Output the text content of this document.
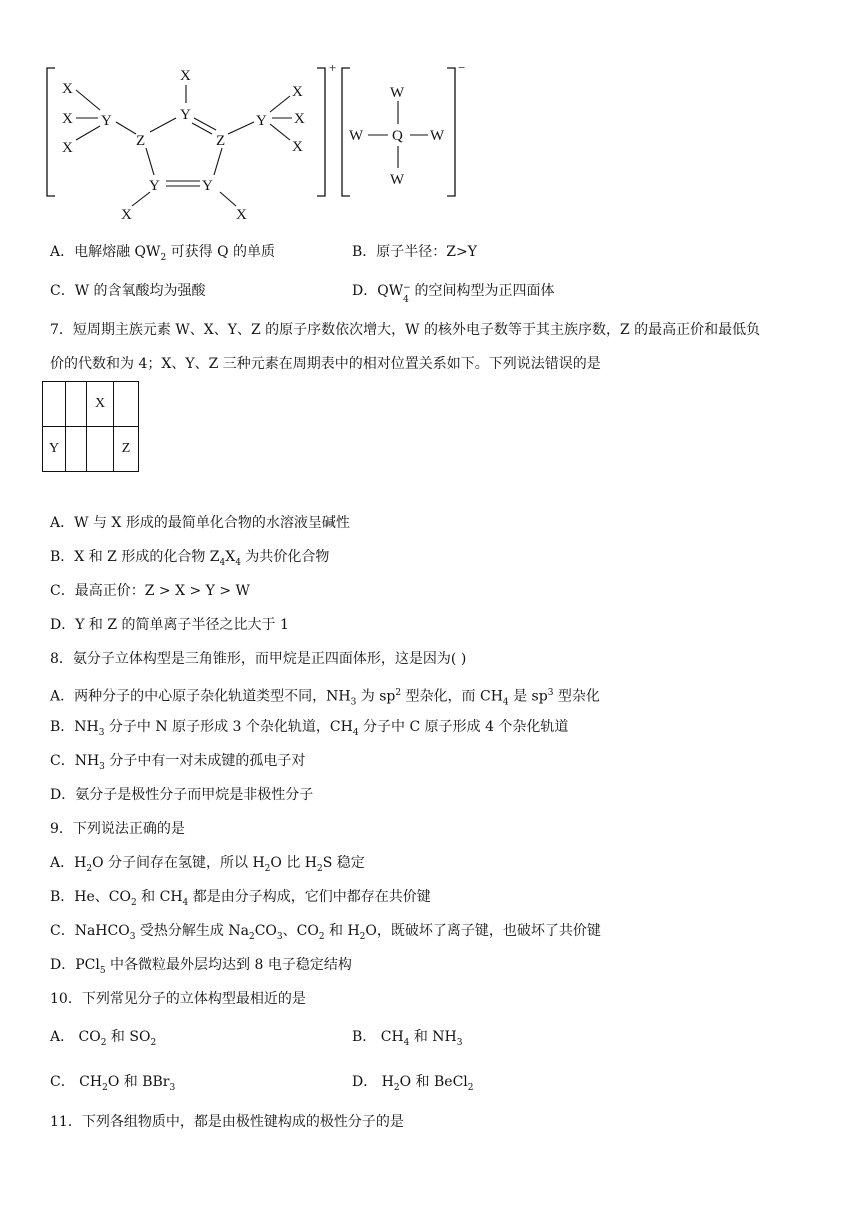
+	−
X
X
X
Y
X
Y
Z	Z
Y
X
X
X
Y	Y
X	X
W
W Q W
W
A．电解熔融 $QW_2$ 可获得 Q 的单质	B．原子半径：Z>Y
C．W 的含氧酸均为强酸	D．QW −
4
的空间构型为正四面体
7．短周期主族元素 W、X、Y、Z 的原子序数依次增大，W 的核外电子数等于其主族序数，Z 的最高正价和最低负
价的代数和为 4；X、Y、Z 三种元素在周期表中的相对位置关系如下。下列说法错误的是
		X	
Y			Z
A．W 与 X 形成的最简单化合物的水溶液呈碱性
B．X 和 Z 形成的化合物 $Z_4X_4$ 为共价化合物
C．最高正价：Z > X > Y > W
D．Y 和 Z 的简单离子半径之比大于 1
8．氨分子立体构型是三角锥形，而甲烷是正四面体形，这是因为( )
A．两种分子的中心原子杂化轨道类型不同，$NH_3$ 为 $sp^2$ 型杂化，而 $CH_4$ 是 $sp^3$ 型杂化
B．$NH_3$ 分子中 N 原子形成 3 个杂化轨道，$CH_4$ 分子中 C 原子形成 4 个杂化轨道
C．$NH_3$ 分子中有一对未成键的孤电子对
D．氨分子是极性分子而甲烷是非极性分子
9．下列说法正确的是
A．$H_2O$ 分子间存在氢键，所以 $H_2O$ 比 $H_2S$ 稳定
B．He、$CO_2$ 和 $CH_4$ 都是由分子构成，它们中都存在共价键
C．NaHCO$_3$ 受热分解生成 $Na_2CO_3$、$CO_2$ 和 $H_2O$，既破坏了离子键，也破坏了共价键
D．PCl$_5$ 中各微粒最外层均达到 8 电子稳定结构
10．下列常见分子的立体构型最相近的是
A． $CO_2$ 和 $SO_2$	B． $CH_4$ 和 $NH_3$
C． $CH_2O$ 和 BBr$_3$	D． $H_2O$ 和 BeCl$_2$
11．下列各组物质中，都是由极性键构成的极性分子的是
